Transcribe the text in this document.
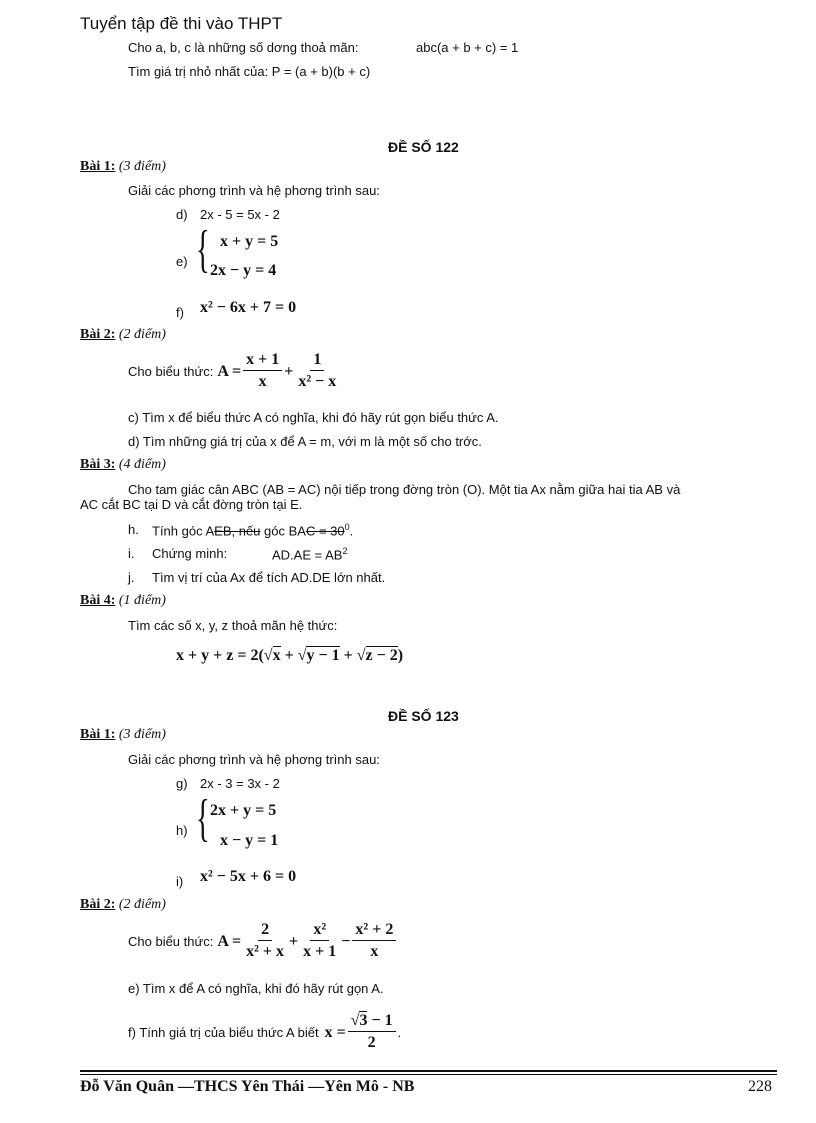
Tuyển tập đề thi vào THPT
Cho a, b, c là những số dơng thoả mãn:	abc(a + b + c) = 1
Tìm giá trị nhỏ nhất của: P = (a + b)(b + c)
ĐỀ SỐ 122
Bài 1: (3 điểm)
Giải các phơng trình và hệ phơng trình sau:
d) 2x - 5 = 5x - 2
e) { x + y = 5
2x − y = 4
f) x² − 6x + 7 = 0
Bài 2: (2 điểm)
Cho biểu thức: $A = \frac{x + 1}{x} + \frac{1}{\text{x² − x}}$
c) Tìm x để biểu thức A có nghĩa, khi đó hãy rút gọn biểu thức A.
d) Tìm những giá trị của x để A = m, với m là một số cho trớc.
Bài 3: (4 điểm)
Cho tam giác cân ABC (AB = AC) nội tiếp trong đờng tròn (O). Một tia Ax nằm giữa hai tia AB và
AC cắt BC tại D và cắt đờng tròn tại E.
h. Tính góc AEB, nếu góc BAC = $30^0$.
i. Chứng minh:	$AD.AE = AB^2$
j. Tìm vị trí của Ax để tích AD.DE lớn nhất.
Bài 4: (1 điểm)
Tìm các số x, y, z thoả mãn hệ thức:
x + y + z = 2(√x + √y − 1 + √z − 2)
ĐỀ SỐ 123
Bài 1: (3 điểm)
Giải các phơng trình và hệ phơng trình sau:
g) 2x - 3 = 3x - 2
h) { 2x + y = 5
x − y = 1
i) x² − 5x + 6 = 0
Bài 2: (2 điểm)
Cho biểu thức: $A = \frac{2}{\text{x² + x}} + \frac{\text{x²}}{x + 1} - \frac{\text{x² + 2}}{x}$
e) Tìm x để A có nghĩa, khi đó hãy rút gọn A.
f) Tính giá trị của biểu thức A biết $x = \frac{√3 - 1}{2}$ .
Đỗ Văn Quân —THCS Yên Thái —Yên Mô - NB	228
